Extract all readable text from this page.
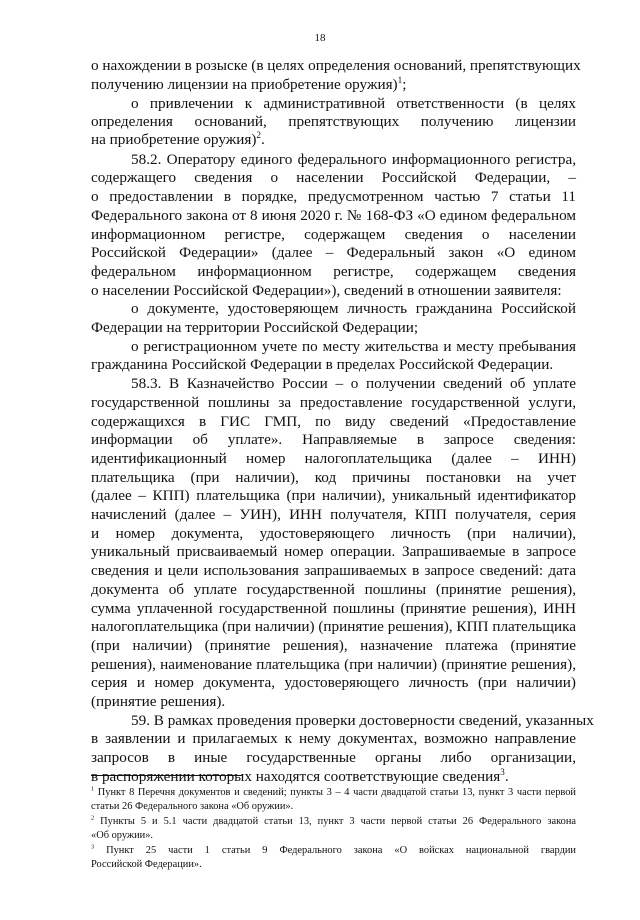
18
о нахождении в розыске (в целях определения оснований, препятствующих
получению лицензии на приобретение оружия)$^1$;
о привлечении к административной ответственности (в целях
определения оснований, препятствующих получению лицензии
на приобретение оружия)$^2$.
58.2. Оператору единого федерального информационного регистра,
содержащего сведения о населении Российской Федерации, –
о предоставлении в порядке, предусмотренном частью 7 статьи 11
Федерального закона от 8 июня 2020 г. № 168-ФЗ «О едином федеральном
информационном регистре, содержащем сведения о населении
Российской Федерации» (далее – Федеральный закон «О едином
федеральном информационном регистре, содержащем сведения
о населении Российской Федерации»), сведений в отношении заявителя:
о документе, удостоверяющем личность гражданина Российской
Федерации на территории Российской Федерации;
о регистрационном учете по месту жительства и месту пребывания
гражданина Российской Федерации в пределах Российской Федерации.
58.3. В Казначейство России – о получении сведений об уплате
государственной пошлины за предоставление государственной услуги,
содержащихся в ГИС ГМП, по виду сведений «Предоставление
информации об уплате». Направляемые в запросе сведения:
идентификационный номер налогоплательщика (далее – ИНН)
плательщика (при наличии), код причины постановки на учет
(далее – КПП) плательщика (при наличии), уникальный идентификатор
начислений (далее – УИН), ИНН получателя, КПП получателя, серия
и номер документа, удостоверяющего личность (при наличии),
уникальный присваиваемый номер операции. Запрашиваемые в запросе
сведения и цели использования запрашиваемых в запросе сведений: дата
документа об уплате государственной пошлины (принятие решения),
сумма уплаченной государственной пошлины (принятие решения), ИНН
налогоплательщика (при наличии) (принятие решения), КПП плательщика
(при наличии) (принятие решения), назначение платежа (принятие
решения), наименование плательщика (при наличии) (принятие решения),
серия и номер документа, удостоверяющего личность (при наличии)
(принятие решения).
59. В рамках проведения проверки достоверности сведений, указанных
в заявлении и прилагаемых к нему документах, возможно направление
запросов в иные государственные органы либо организации,
в распоряжении которых находятся соответствующие сведения$^3$.
$^1$ Пункт 8 Перечня документов и сведений; пункты 3 – 4 части двадцатой статьи 13, пункт 3 части первой
статьи 26 Федерального закона «Об оружии».
$^2$ Пункты 5 и 5.1 части двадцатой статьи 13, пункт 3 части первой статьи 26 Федерального закона
«Об оружии».
$^3$ Пункт 25 части 1 статьи 9 Федерального закона «О войсках национальной гвардии
Российской Федерации».
